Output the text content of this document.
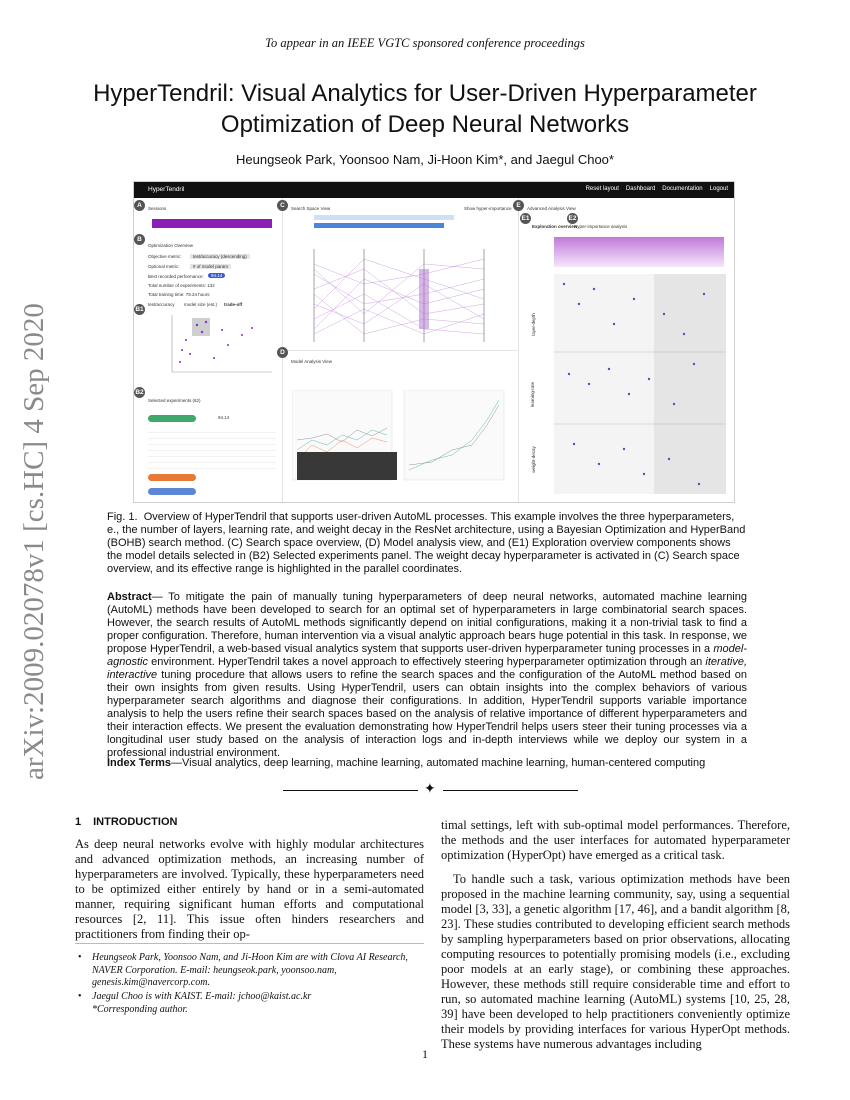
To appear in an IEEE VGTC sponsored conference proceedings
HyperTendril: Visual Analytics for User-Driven Hyperparameter Optimization of Deep Neural Networks
Heungseok Park, Yoonsoo Nam, Ji-Hoon Kim*, and Jaegul Choo*
arXiv:2009.02078v1 [cs.HC] 4 Sep 2020
HyperTendril	Reset layout Dashboard Documentation Logout
A	Sessions
B
Optimization Overview
Objective metric:	test/accuracy (descending)
Optional metric:	# of model param
Best recorded performance:	94.14
Total number of experiments: 132
Total training time: 79.24 hours
B1
test/accuracy model size (est.) trade-off
B2
Selected experiments (62)
94.14
C	Search Space View	Show hyper-importance
D
Model Analysis View
E	Advanced Analysis View
E1	E2
Exploration overview
Hyper-importance analysis
layer-depth
learning-rate
weight-decay
Fig. 1. Overview of HyperTendril that supports user-driven AutoML processes. This example involves the three hyperparameters, e., the number of layers, learning rate, and weight decay in the ResNet architecture, using a Bayesian Optimization and HyperBand (BOHB) search method. (C) Search space overview, (D) Model analysis view, and (E1) Exploration overview components shows the model details selected in (B2) Selected experiments panel. The weight decay hyperparameter is activated in (C) Search space overview, and its effective range is highlighted in the parallel coordinates.
Abstract— To mitigate the pain of manually tuning hyperparameters of deep neural networks, automated machine learning (AutoML) methods have been developed to search for an optimal set of hyperparameters in large combinatorial search spaces. However, the search results of AutoML methods significantly depend on initial configurations, making it a non-trivial task to find a proper configuration. Therefore, human intervention via a visual analytic approach bears huge potential in this task. In response, we propose HyperTendril, a web-based visual analytics system that supports user-driven hyperparameter tuning processes in a model-agnostic environment. HyperTendril takes a novel approach to effectively steering hyperparameter optimization through an iterative, interactive tuning procedure that allows users to refine the search spaces and the configuration of the AutoML method based on their own insights from given results. Using HyperTendril, users can obtain insights into the complex behaviors of various hyperparameter search algorithms and diagnose their configurations. In addition, HyperTendril supports variable importance analysis to help the users refine their search spaces based on the analysis of relative importance of different hyperparameters and their interaction effects. We present the evaluation demonstrating how HyperTendril helps users steer their tuning processes via a longitudinal user study based on the analysis of interaction logs and in-depth interviews while we deploy our system in a professional industrial environment.
Index Terms—Visual analytics, deep learning, machine learning, automated machine learning, human-centered computing
✦
1 INTRODUCTION

As deep neural networks evolve with highly modular architectures and advanced optimization methods, an increasing number of hyperparameters are involved. Typically, these hyperparameters need to be optimized either entirely by hand or in a semi-automated manner, requiring significant human efforts and computational resources [2, 11]. This issue often hinders researchers and practitioners from finding their op-

timal settings, left with sub-optimal model performances. Therefore, the methods and the user interfaces for automated hyperparameter optimization (HyperOpt) have emerged as a critical task.

To handle such a task, various optimization methods have been proposed in the machine learning community, say, using a sequential model [3, 33], a genetic algorithm [17, 46], and a bandit algorithm [8, 23]. These studies contributed to developing efficient search methods by sampling hyperparameters based on prior observations, allocating computing resources to potentially promising models (i.e., excluding poor models at an early stage), or combining these approaches. However, these methods still require considerable time and effort to run, so automated machine learning (AutoML) systems [10, 25, 28, 39] have been developed to help practitioners conveniently optimize their models by providing interfaces for various HyperOpt methods. These systems have numerous advantages including

• Heungseok Park, Yoonsoo Nam, and Ji-Hoon Kim are with Clova AI Research, NAVER Corporation. E-mail: heungseok.park, yoonsoo.nam, genesis.kim@navercorp.com.
• Jaegul Choo is with KAIST. E-mail: jchoo@kaist.ac.kr
*Corresponding author.
1
